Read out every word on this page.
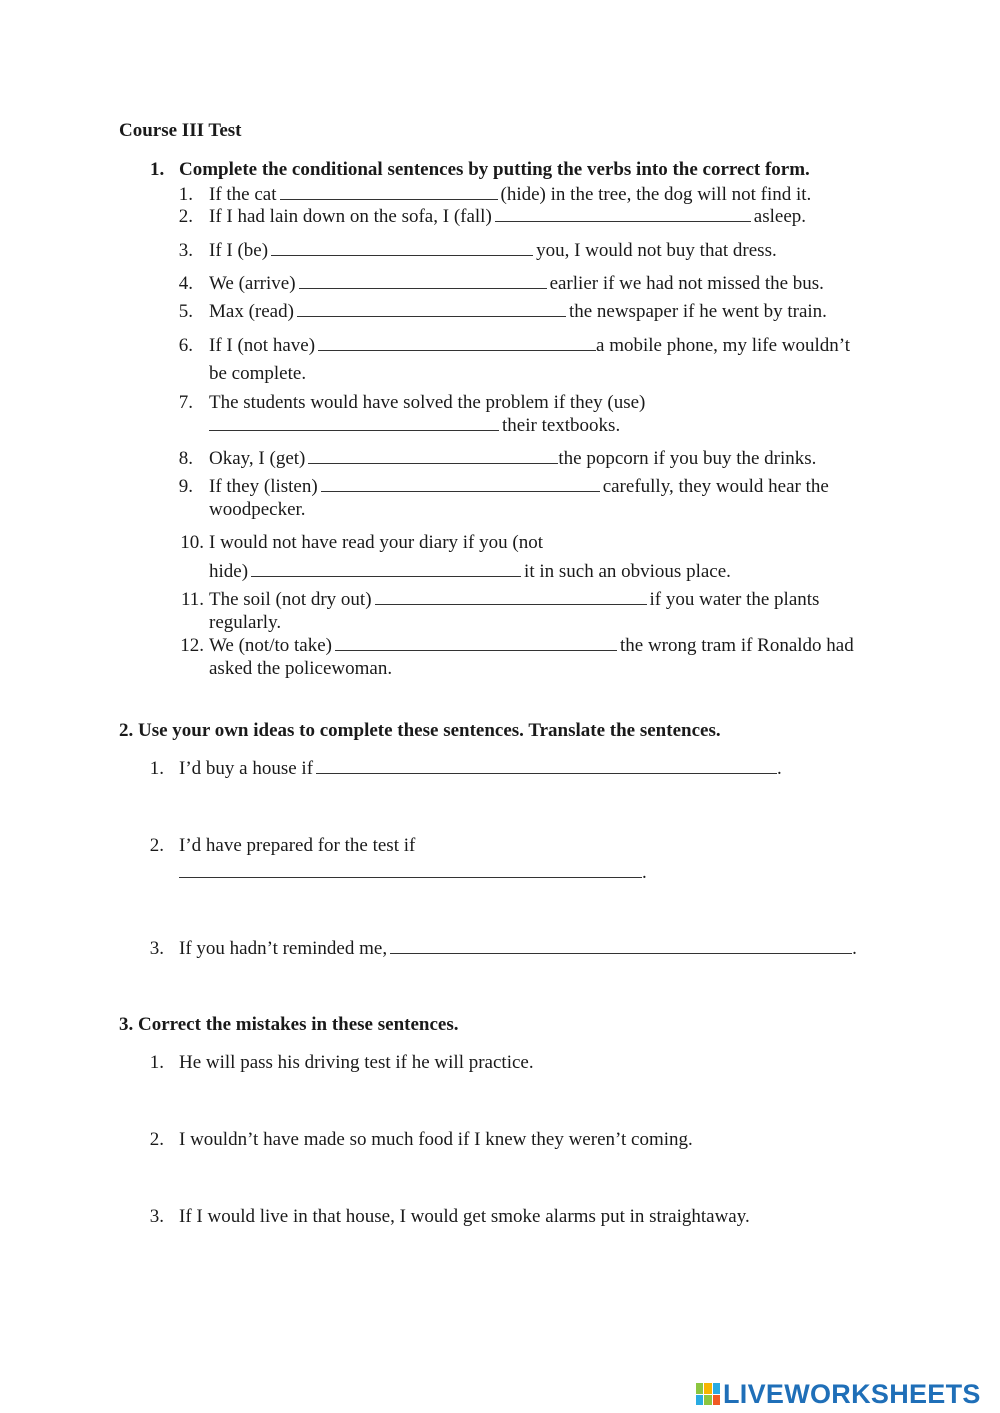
Course III Test
1. Complete the conditional sentences by putting the verbs into the correct form.
1. If the cat	(hide) in the tree, the dog will not find it.
2. If I had lain down on the sofa, I (fall)	asleep.
3. If I (be)	you, I would not buy that dress.
4. We (arrive)	earlier if we had not missed the bus.
5. Max (read)	the newspaper if he went by train.
6. If I (not have)	a mobile phone, my life wouldn’t
be complete.
7. The students would have solved the problem if they (use)
their textbooks.
8. Okay, I (get)	the popcorn if you buy the drinks.
9. If they (listen)	carefully, they would hear the
woodpecker.
10. I would not have read your diary if you (not
hide)	it in such an obvious place.
11. The soil (not dry out)	if you water the plants
regularly.
12. We (not/to take)	the wrong tram if Ronaldo had
asked the policewoman.
2. Use your own ideas to complete these sentences. Translate the sentences.
1. I’d buy a house if	.
2. I’d have prepared for the test if
.
3. If you hadn’t reminded me,	.
3. Correct the mistakes in these sentences.
1. He will pass his driving test if he will practice.
2. I wouldn’t have made so much food if I knew they weren’t coming.
3. If I would live in that house, I would get smoke alarms put in straightaway.
LIVEWORKSHEETS
